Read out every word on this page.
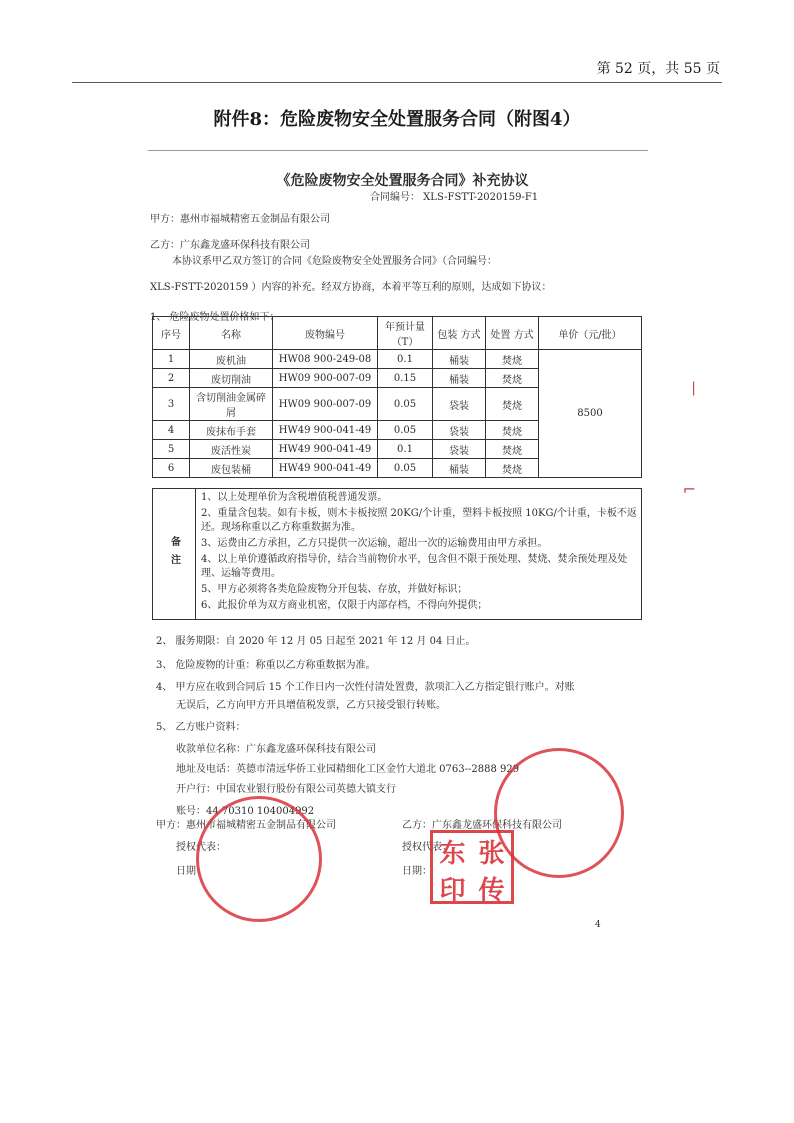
第 52 页，共 55 页
附件8：危险废物安全处置服务合同（附图4）
《危险废物安全处置服务合同》补充协议
合同编号： XLS-FSTT-2020159-F1
甲方：惠州市福城精密五金制品有限公司
乙方：广东鑫龙盛环保科技有限公司
本协议系甲乙双方签订的合同《危险废物安全处置服务合同》（合同编号：
XLS-FSTT-2020159 ）内容的补充。经双方协商，本着平等互利的原则，达成如下协议：
1、 危险废物处置价格如下：
序号	名称	废物编号	年预计量（T）	包装 方式	处置 方式	单价（元/批）
1	废机油	HW08 900-249-08	0.1	桶装	焚烧	8500
2	废切削油	HW09 900-007-09	0.15	桶装	焚烧	
3	含切削油金属碎屑	HW09 900-007-09	0.05	袋装	焚烧	
4	废抹布手套	HW49 900-041-49	0.05	袋装	焚烧	
5	废活性炭	HW49 900-041-49	0.1	袋装	焚烧	
6	废包装桶	HW49 900-041-49	0.05	桶装	焚烧	
备注
1、以上处理单价为含税增值税普通发票。
2、重量含包装。如有卡板，则木卡板按照 20KG/个计重，塑料卡板按照 10KG/个计重，卡板不返还。现场称重以乙方称重数据为准。
3、运费由乙方承担，乙方只提供一次运输，超出一次的运输费用由甲方承担。
4、以上单价遵循政府指导价，结合当前物价水平，包含但不限于预处理、焚烧、焚余预处理及处理、运输等费用。
5、甲方必须将各类危险废物分开包装、存放，并做好标识；
6、此报价单为双方商业机密，仅限于内部存档，不得向外提供；
2、 服务期限：自 2020 年 12 月 05 日起至 2021 年 12 月 04 日止。
3、 危险废物的计重：称重以乙方称重数据为准。
4、 甲方应在收到合同后 15 个工作日内一次性付清处置费，款项汇入乙方指定银行账户。对账
无误后，乙方向甲方开具增值税发票，乙方只接受银行转账。
5、 乙方账户资料：
收款单位名称：广东鑫龙盛环保科技有限公司
地址及电话：英德市清远华侨工业园精细化工区金竹大道北 0763--2888 929
开户行：中国农业银行股份有限公司英德大镇支行
账号：44 70310 104004992
甲方：惠州市福城精密五金制品有限公司
授权代表：
日期：
乙方：广东鑫龙盛环保科技有限公司
授权代表：
日期：
东 张
印 传
4
|
⌐
